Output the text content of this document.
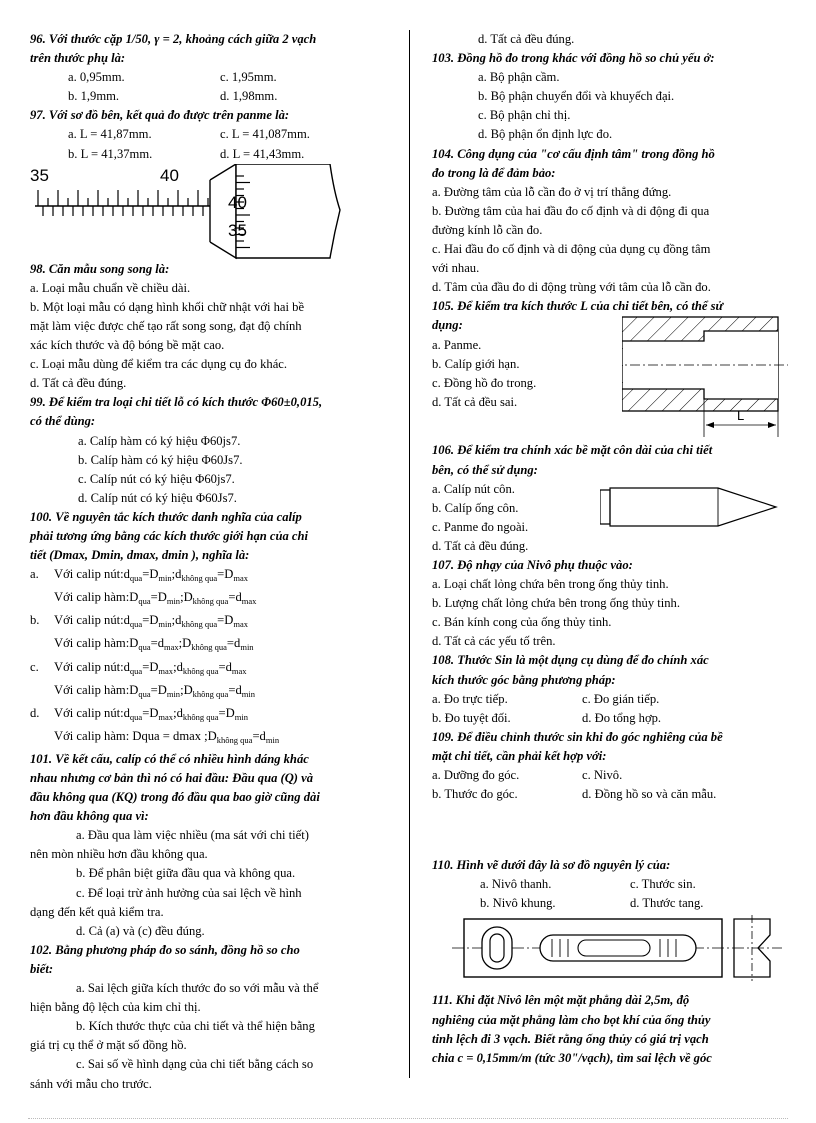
96. Với thước cặp 1/50, γ = 2, khoảng cách giữa 2 vạch
trên thước phụ là:
a. 0,95mm.	c. 1,95mm.
b. 1,9mm.	d. 1,98mm.
97. Với sơ đồ bên, kết quả đo được trên panme là:
a. L = 41,87mm.	c. L = 41,087mm.
b. L = 41,37mm.	d. L = 41,43mm.
35	40
40
35
98. Căn mẫu song song là:
a. Loại mẫu chuẩn về chiều dài.
b. Một loại mẫu có dạng hình khối chữ nhật với hai bề
mặt làm việc được chế tạo rất song song, đạt độ chính
xác kích thước và độ bóng bề mặt cao.
c. Loại mẫu dùng để kiểm tra các dụng cụ đo khác.
d. Tất cả đều đúng.
99. Để kiểm tra loại chi tiết lỗ có kích thước Φ60±0,015,
có thể dùng:
a. Calíp hàm có ký hiệu Φ60js7.
b. Calíp hàm có ký hiệu Φ60Js7.
c. Calíp nút có ký hiệu Φ60js7.
d. Calíp nút có ký hiệu Φ60Js7.
100. Về nguyên tắc kích thước danh nghĩa của calíp
phải tương ứng bằng các kích thước giới hạn của chi
tiết (Dmax, Dmin, dmax, dmin ), nghĩa là:
a.	Với calip nút: $d_{qua} = D_{min}$ ; $d_{không qua} = D_{max}$
Với calip hàm: $D_{qua} = D_{min}$ ; $D_{không qua} = d_{max}$
b.	Với calip nút: $d_{qua} = D_{min}$ ; $d_{không qua} = D_{max}$
Với calip hàm: $D_{qua} = d_{max}$ ; $D_{không qua} = d_{min}$
c.	Với calip nút: $d_{qua} = D_{max}$ ; $d_{không qua} = d_{max}$
Với calip hàm: $D_{qua} = D_{min}$ ; $D_{không qua} = d_{min}$
d.	Với calip nút: $d_{qua} = D_{max}$ ; $d_{không qua} = D_{min}$
Với calip hàm: Dqua = dmax ; $D_{không qua} = d_{min}$
101. Về kết cấu, calíp có thể có nhiều hình dáng khác
nhau nhưng cơ bản thì nó có hai đầu: Đầu qua (Q) và
đầu không qua (KQ) trong đó đầu qua bao giờ cũng dài
hơn đầu không qua vì:
a. Đầu qua làm việc nhiều (ma sát với chi tiết)
nên mòn nhiều hơn đầu không qua.
b. Để phân biệt giữa đầu qua và không qua.
c. Để loại trừ ảnh hưởng của sai lệch về hình
dạng đến kết quả kiểm tra.
d. Cả (a) và (c) đều đúng.
102. Bằng phương pháp đo so sánh, đồng hồ so cho
biết:
a. Sai lệch giữa kích thước đo so với mẫu và thể
hiện bằng độ lệch của kim chỉ thị.
b. Kích thước thực của chi tiết và thể hiện bằng
giá trị cụ thể ở mặt số đồng hồ.
c. Sai số về hình dạng của chi tiết bằng cách so
sánh với mẫu cho trước.
d. Tất cả đều đúng.
103. Đồng hồ đo trong khác với đồng hồ so chủ yếu ở:
a. Bộ phận cầm.
b. Bộ phận chuyển đổi và khuyếch đại.
c. Bộ phận chỉ thị.
d. Bộ phận ổn định lực đo.
104. Công dụng của "cơ cấu định tâm" trong đồng hồ
đo trong là để đảm bảo:
a. Đường tâm của lỗ cần đo ở vị trí thẳng đứng.
b. Đường tâm của hai đầu đo cố định và di động đi qua
đường kính lỗ cần đo.
c. Hai đầu đo cố định và di động của dụng cụ đồng tâm
với nhau.
d. Tâm của đầu đo di động trùng với tâm của lỗ cần đo.
105. Để kiểm tra kích thước L của chi tiết bên, có thể sử
dụng:
a. Panme.
b. Calíp giới hạn.
c. Đồng hồ đo trong.
d. Tất cả đều sai.
L
106. Để kiểm tra chính xác bề mặt côn dài của chi tiết
bên, có thể sử dụng:
a. Calíp nút côn.
b. Calíp ống côn.
c. Panme đo ngoài.
d. Tất cả đều đúng.
107. Độ nhạy của Nivô phụ thuộc vào:
a. Loại chất lỏng chứa bên trong ống thủy tinh.
b. Lượng chất lỏng chứa bên trong ống thủy tinh.
c. Bán kính cong của ống thủy tinh.
d. Tất cả các yếu tố trên.
108. Thước Sin là một dụng cụ dùng để đo chính xác
kích thước góc bằng phương pháp:
a. Đo trực tiếp.	c. Đo gián tiếp.
b. Đo tuyệt đối.	d. Đo tổng hợp.
109. Để điều chỉnh thước sin khi đo góc nghiêng của bề
mặt chi tiết, cần phải kết hợp với:
a. Dưỡng đo góc.	c. Nivô.
b. Thước đo góc.	d. Đồng hồ so và căn mẫu.
110. Hình vẽ dưới đây là sơ đồ nguyên lý của:
a. Nivô thanh.	c. Thước sin.
b. Nivô khung.	d. Thước tang.
111. Khi đặt Nivô lên một mặt phẳng dài 2,5m, độ
nghiêng của mặt phẳng làm cho bọt khí của ống thủy
tinh lệch đi 3 vạch. Biết rằng ống thủy có giá trị vạch
chia c = 0,15mm/m (tức 30"/vạch), tìm sai lệch về góc
